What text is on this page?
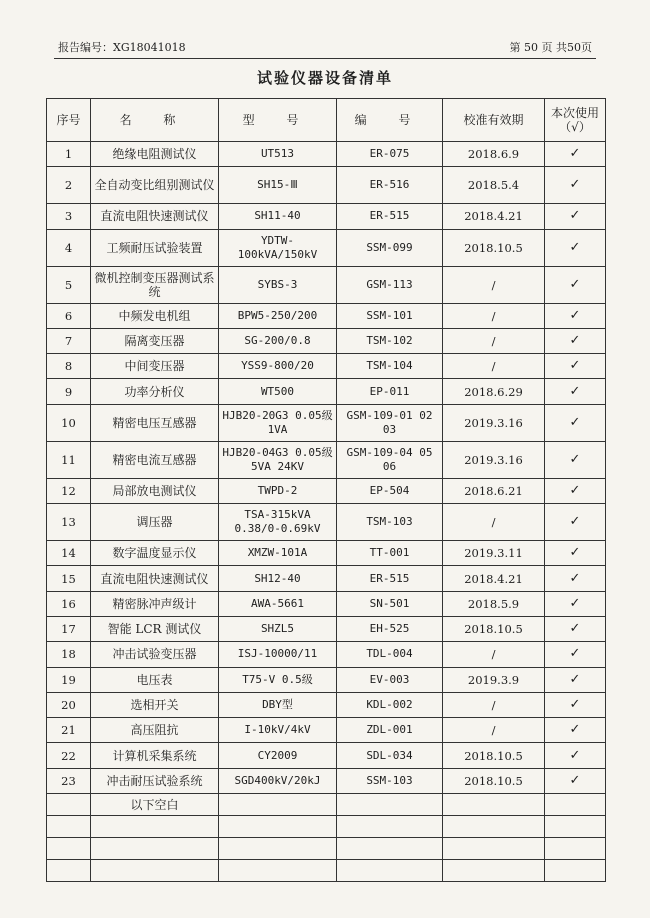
报告编号：XG18041018	第 50 页 共50页
试验仪器设备清单
序号	名 称	型 号	编 号	校准有效期	本次使用（√）
1	绝缘电阻测试仪	UT513	ER-075	2018.6.9	✓
2	全自动变比组别测试仪	SH15-Ⅲ	ER-516	2018.5.4	✓
3	直流电阻快速测试仪	SH11-40	ER-515	2018.4.21	✓
4	工频耐压试验装置	YDTW-100kVA/150kV	SSM-099	2018.10.5	✓
5	微机控制变压器测试系统	SYBS-3	GSM-113	/	✓
6	中频发电机组	BPW5-250/200	SSM-101	/	✓
7	隔离变压器	SG-200/0.8	TSM-102	/	✓
8	中间变压器	YSS9-800/20	TSM-104	/	✓
9	功率分析仪	WT500	EP-011	2018.6.29	✓
10	精密电压互感器	HJB20-20G3 0.05级 1VA	GSM-109-01 02 03	2019.3.16	✓
11	精密电流互感器	HJB20-04G3 0.05级 5VA 24KV	GSM-109-04 05 06	2019.3.16	✓
12	局部放电测试仪	TWPD-2	EP-504	2018.6.21	✓
13	调压器	TSA-315kVA 0.38/0-0.69kV	TSM-103	/	✓
14	数字温度显示仪	XMZW-101A	TT-001	2019.3.11	✓
15	直流电阻快速测试仪	SH12-40	ER-515	2018.4.21	✓
16	精密脉冲声级计	AWA-5661	SN-501	2018.5.9	✓
17	智能 LCR 测试仪	SHZL5	EH-525	2018.10.5	✓
18	冲击试验变压器	ISJ-10000/11	TDL-004	/	✓
19	电压表	T75-V 0.5级	EV-003	2019.3.9	✓
20	选相开关	DBY型	KDL-002	/	✓
21	高压阻抗	I-10kV/4kV	ZDL-001	/	✓
22	计算机采集系统	CY2009	SDL-034	2018.10.5	✓
23	冲击耐压试验系统	SGD400kV/20kJ	SSM-103	2018.10.5	✓
	以下空白				
